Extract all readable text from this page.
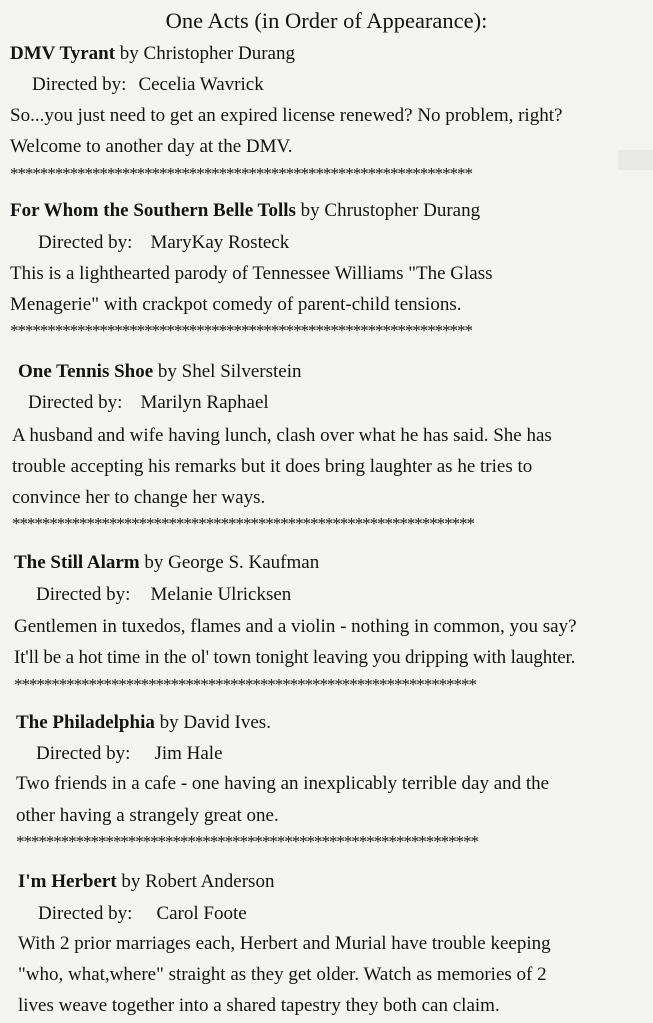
One Acts (in Order of Appearance):
DMV Tyrant by Christopher Durang
Directed by: Cecelia Wavrick
So...you just need to get an expired license renewed? No problem, right?
Welcome to another day at the DMV.
**************************************************************
For Whom the Southern Belle Tolls by Chrustopher Durang
Directed by: MaryKay Rosteck
This is a lighthearted parody of Tennessee Williams "The Glass
Menagerie" with crackpot comedy of parent-child tensions.
**************************************************************
One Tennis Shoe by Shel Silverstein
Directed by: Marilyn Raphael
A husband and wife having lunch, clash over what he has said. She has
trouble accepting his remarks but it does bring laughter as he tries to
convince her to change her ways.
**************************************************************
The Still Alarm by George S. Kaufman
Directed by: Melanie Ulricksen
Gentlemen in tuxedos, flames and a violin - nothing in common, you say?
It'll be a hot time in the ol' town tonight leaving you dripping with laughter.
**************************************************************
The Philadelphia by David Ives.
Directed by: Jim Hale
Two friends in a cafe - one having an inexplicably terrible day and the
other having a strangely great one.
**************************************************************
I'm Herbert by Robert Anderson
Directed by: Carol Foote
With 2 prior marriages each, Herbert and Murial have trouble keeping
"who, what,where" straight as they get older. Watch as memories of 2
lives weave together into a shared tapestry they both can claim.
